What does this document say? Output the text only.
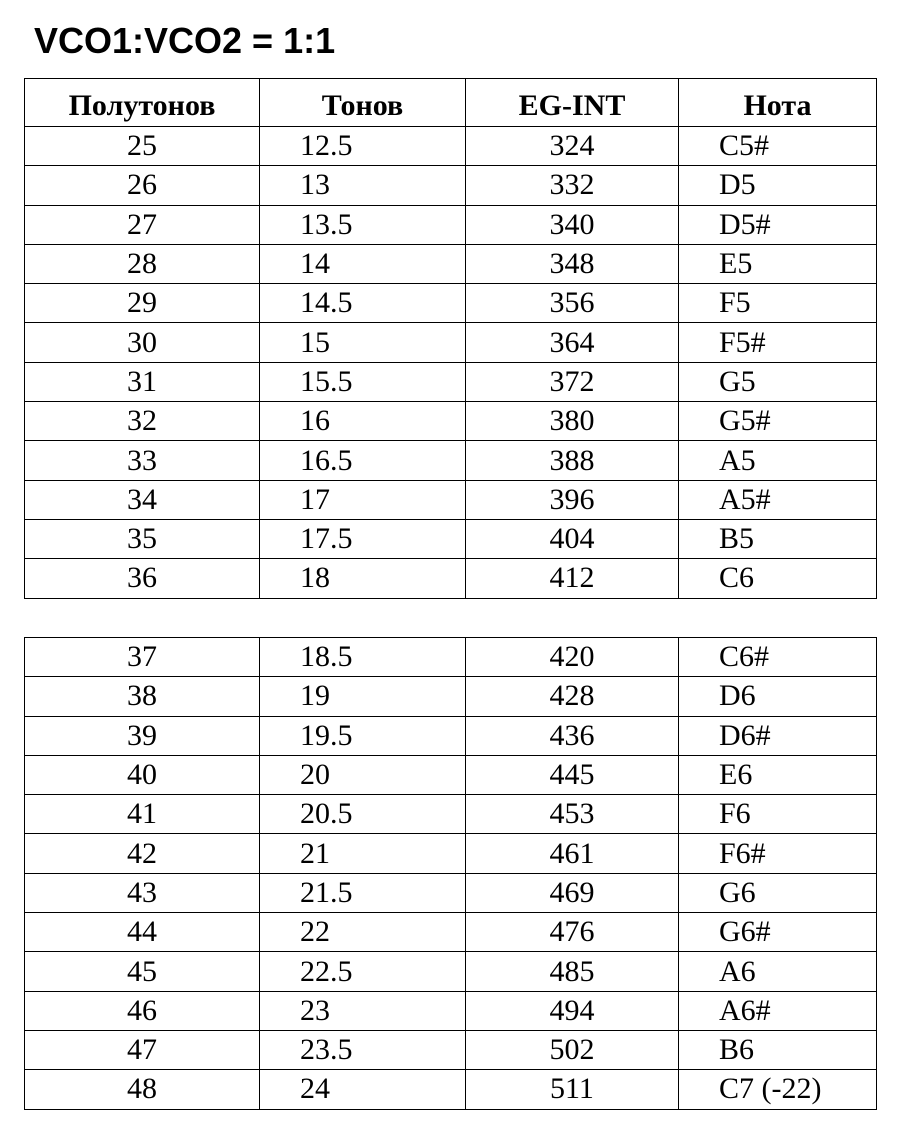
VCO1:VCO2 = 1:1
Полутонов	Тонов	EG-INT	Нота
25	12.5	324	C5#
26	13	332	D5
27	13.5	340	D5#
28	14	348	E5
29	14.5	356	F5
30	15	364	F5#
31	15.5	372	G5
32	16	380	G5#
33	16.5	388	A5
34	17	396	A5#
35	17.5	404	B5
36	18	412	C6
37	18.5	420	C6#
38	19	428	D6
39	19.5	436	D6#
40	20	445	E6
41	20.5	453	F6
42	21	461	F6#
43	21.5	469	G6
44	22	476	G6#
45	22.5	485	A6
46	23	494	A6#
47	23.5	502	B6
48	24	511	C7 (-22)
